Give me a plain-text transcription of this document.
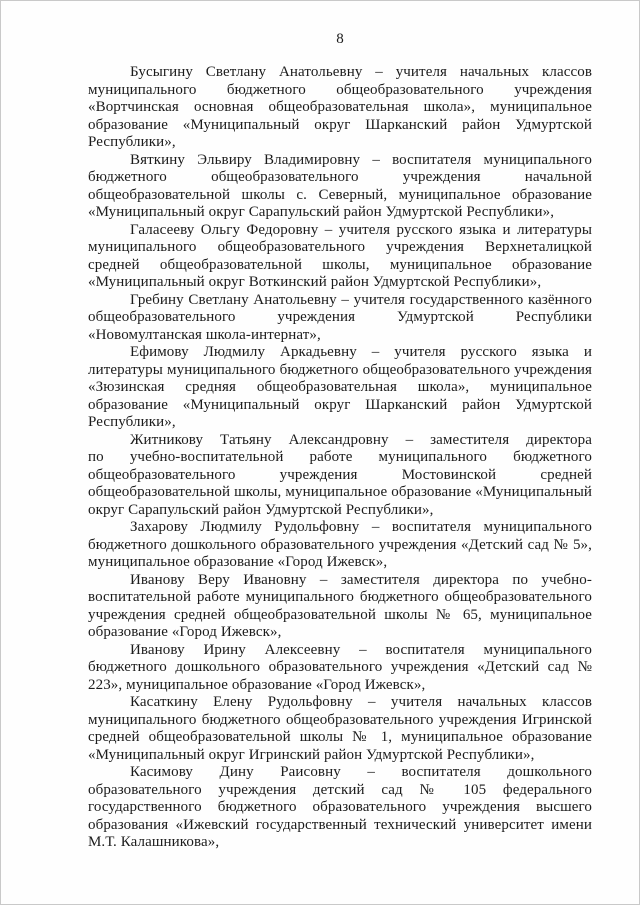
8

Бусыгину Светлану Анатольевну – учителя начальных классов муниципального бюджетного общеобразовательного учреждения «Вортчинская основная общеобразовательная школа», муниципальное образование «Муниципальный округ Шарканский район Удмуртской Республики»,

Вяткину Эльвиру Владимировну – воспитателя муниципального бюджетного общеобразовательного учреждения начальной общеобразовательной школы с. Северный, муниципальное образование «Муниципальный округ Сарапульский район Удмуртской Республики»,

Галасееву Ольгу Федоровну – учителя русского языка и литературы муниципального общеобразовательного учреждения Верхнеталицкой средней общеобразовательной школы, муниципальное образование «Муниципальный округ Воткинский район Удмуртской Республики»,

Гребину Светлану Анатольевну – учителя государственного казённого общеобразовательного учреждения Удмуртской Республики «Новомултанская школа-интернат»,

Ефимову Людмилу Аркадьевну – учителя русского языка и литературы муниципального бюджетного общеобразовательного учреждения «Зюзинская средняя общеобразовательная школа», муниципальное образование «Муниципальный округ Шарканский район Удмуртской Республики»,

Житникову Татьяну Александровну – заместителя директора по учебно-воспитательной работе муниципального бюджетного общеобразовательного учреждения Мостовинской средней общеобразовательной школы, муниципальное образование «Муниципальный округ Сарапульский район Удмуртской Республики»,

Захарову Людмилу Рудольфовну – воспитателя муниципального бюджетного дошкольного образовательного учреждения «Детский сад № 5», муниципальное образование «Город Ижевск»,

Иванову Веру Ивановну – заместителя директора по учебно-воспитательной работе муниципального бюджетного общеобразовательного учреждения средней общеобразовательной школы № 65, муниципальное образование «Город Ижевск»,

Иванову Ирину Алексеевну – воспитателя муниципального бюджетного дошкольного образовательного учреждения «Детский сад № 223», муниципальное образование «Город Ижевск»,

Касаткину Елену Рудольфовну – учителя начальных классов муниципального бюджетного общеобразовательного учреждения Игринской средней общеобразовательной школы № 1, муниципальное образование «Муниципальный округ Игринский район Удмуртской Республики»,

Касимову Дину Раисовну – воспитателя дошкольного образовательного учреждения детский сад № 105 федерального государственного бюджетного образовательного учреждения высшего образования «Ижевский государственный технический университет имени М.Т. Калашникова»,
